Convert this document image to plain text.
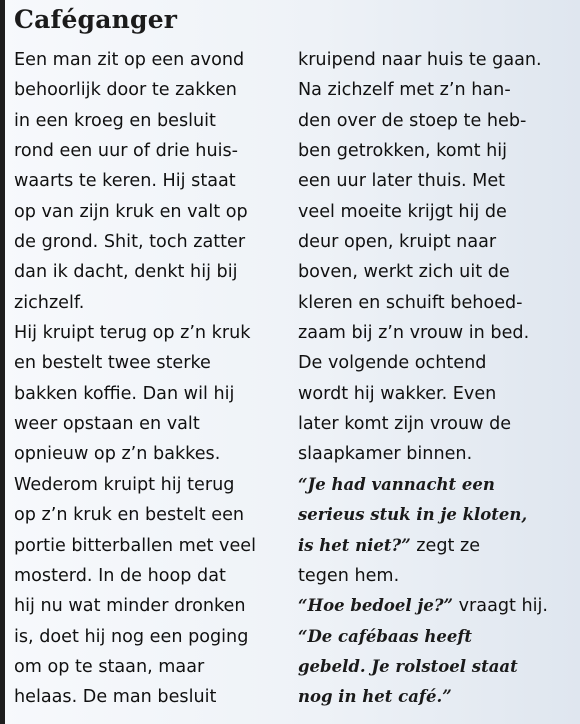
Caféganger
Een man zit op een avond
behoorlijk door te zakken
in een kroeg en besluit
rond een uur of drie huis-
waarts te keren. Hij staat
op van zijn kruk en valt op
de grond. Shit, toch zatter
dan ik dacht, denkt hij bij
zichzelf.
Hij kruipt terug op z’n kruk
en bestelt twee sterke
bakken koffie. Dan wil hij
weer opstaan en valt
opnieuw op z’n bakkes.
Wederom kruipt hij terug
op z’n kruk en bestelt een
portie bitterballen met veel
mosterd. In de hoop dat
hij nu wat minder dronken
is, doet hij nog een poging
om op te staan, maar
helaas. De man besluit
kruipend naar huis te gaan.
Na zichzelf met z’n han-
den over de stoep te heb-
ben getrokken, komt hij
een uur later thuis. Met
veel moeite krijgt hij de
deur open, kruipt naar
boven, werkt zich uit de
kleren en schuift behoed-
zaam bij z’n vrouw in bed.
De volgende ochtend
wordt hij wakker. Even
later komt zijn vrouw de
slaapkamer binnen.
“Je had vannacht een
serieus stuk in je kloten,
is het niet?” zegt ze
tegen hem.
“Hoe bedoel je?” vraagt hij.
“De cafébaas heeft
gebeld. Je rolstoel staat
nog in het café.”
